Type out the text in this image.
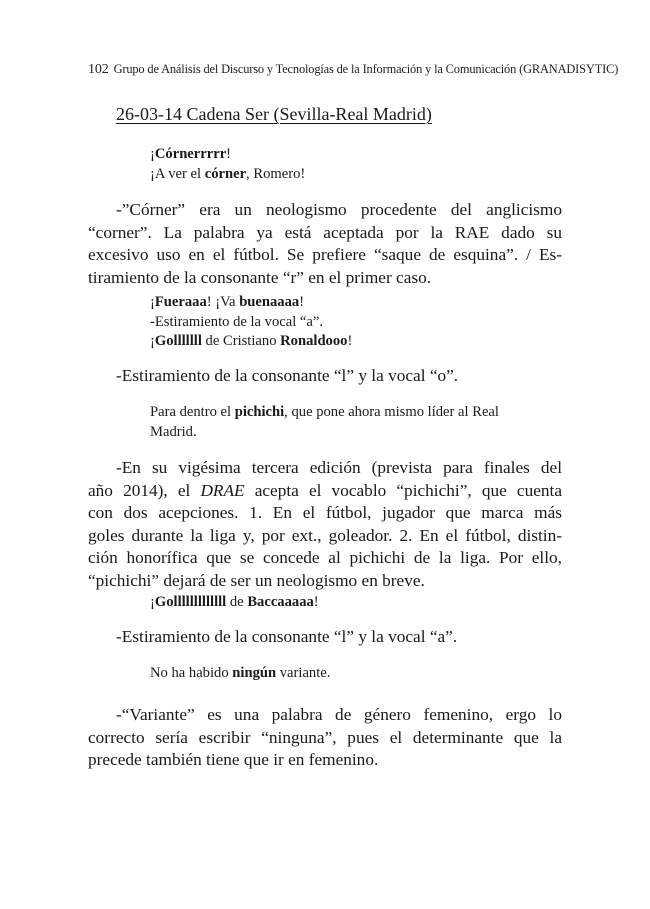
102 Grupo de Análisis del Discurso y Tecnologías de la Información y la Comunicación (GRANADISYTIC)
26-03-14 Cadena Ser (Sevilla-Real Madrid)
¡Córnerrrrr!
¡A ver el córner, Romero!
-”Córner” era un neologismo procedente del anglicismo
“corner”. La palabra ya está aceptada por la RAE dado su
excesivo uso en el fútbol. Se prefiere “saque de esquina”. / Es-
tiramiento de la consonante “r” en el primer caso.
¡Fueraaa! ¡Va buenaaaa!
-Estiramiento de la vocal “a”.
¡Golllllll de Cristiano Ronaldooo!
-Estiramiento de la consonante “l” y la vocal “o”.
Para dentro el pichichi, que pone ahora mismo líder al Real
Madrid.
-En su vigésima tercera edición (prevista para finales del
año 2014), el DRAE acepta el vocablo “pichichi”, que cuenta
con dos acepciones. 1. En el fútbol, jugador que marca más
goles durante la liga y, por ext., goleador. 2. En el fútbol, distin-
ción honorífica que se concede al pichichi de la liga. Por ello,
“pichichi” dejará de ser un neologismo en breve.
¡Golllllllllllll de Baccaaaaa!
-Estiramiento de la consonante “l” y la vocal “a”.
No ha habido ningún variante.
-“Variante” es una palabra de género femenino, ergo lo
correcto sería escribir “ninguna”, pues el determinante que la
precede también tiene que ir en femenino.
